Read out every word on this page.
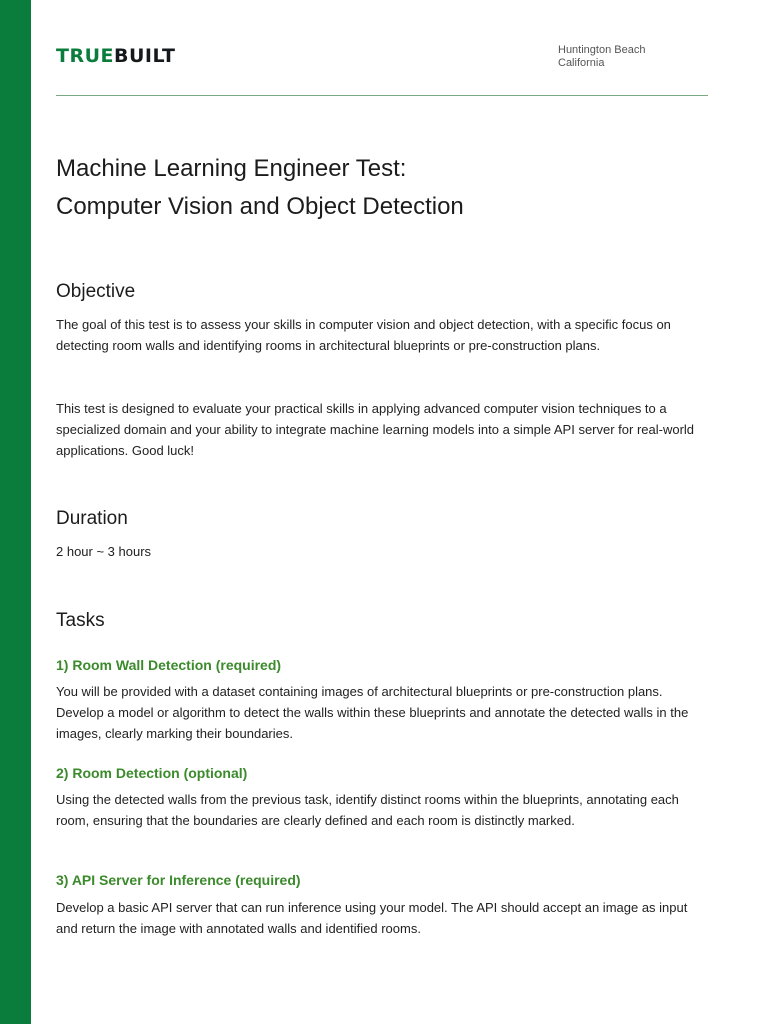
TRUEBUILT	Huntington Beach
California
Machine Learning Engineer Test:
Computer Vision and Object Detection
Objective

The goal of this test is to assess your skills in computer vision and object detection, with a specific focus on detecting room walls and identifying rooms in architectural blueprints or pre-construction plans.

This test is designed to evaluate your practical skills in applying advanced computer vision techniques to a specialized domain and your ability to integrate machine learning models into a simple API server for real-world applications. Good luck!

Duration

2 hour ~ 3 hours

Tasks
1) Room Wall Detection (required)

You will be provided with a dataset containing images of architectural blueprints or pre-construction plans. Develop a model or algorithm to detect the walls within these blueprints and annotate the detected walls in the images, clearly marking their boundaries.

2) Room Detection (optional)

Using the detected walls from the previous task, identify distinct rooms within the blueprints, annotating each room, ensuring that the boundaries are clearly defined and each room is distinctly marked.

3) API Server for Inference (required)

Develop a basic API server that can run inference using your model. The API should accept an image as input and return the image with annotated walls and identified rooms.
